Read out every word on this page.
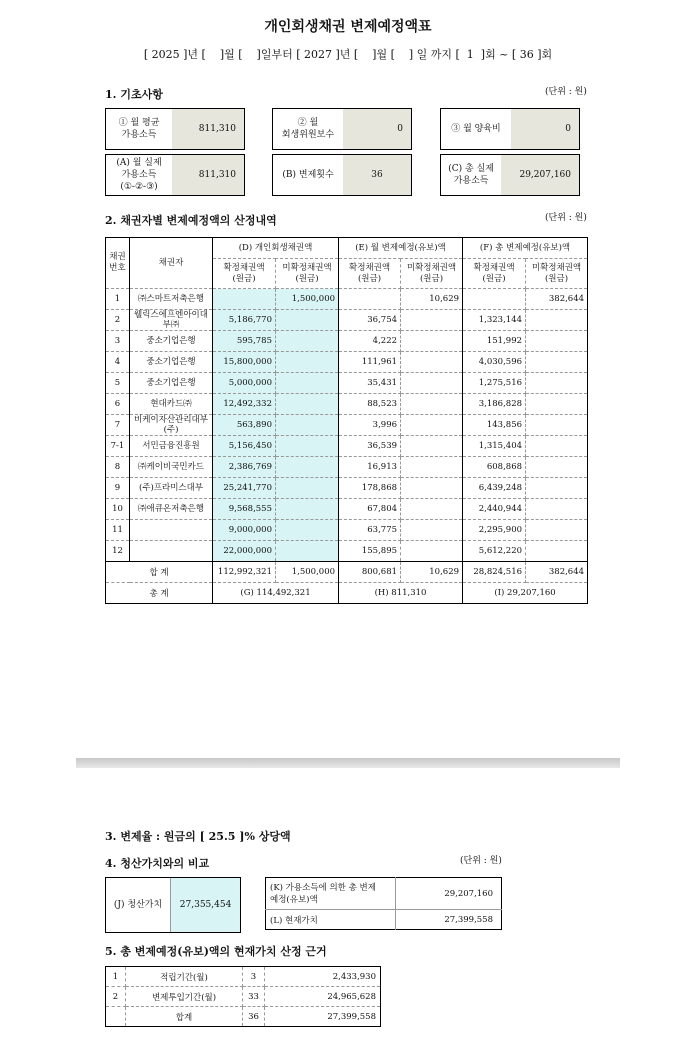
개인회생채권 변제예정액표
[ 2025 ]년 [    ]월 [    ]일부터 [ 2027 ]년 [    ]월 [    ] 일 까지 [  1  ]회 ~ [ 36 ]회
1. 기초사항	(단위 : 원)
① 월 평균
가용소득
811,310
② 월
회생위원보수
0	③ 월 양육비	0
(A) 월 실제
가용소득
(①-②-③)
811,310	(B) 변제횟수	36
(C) 총 실제
가용소득
29,207,160
2. 채권자별 변제예정액의 산정내역	(단위 : 원)
채권
번호	채권자	(D) 개인회생채권액		(E) 월 변제예정(유보)액		(F) 총 변제예정(유보)액	
		확정채권액
(원금)	미확정채권액
(원금)	확정채권액
(원금)	미확정채권액
(원금)	확정채권액
(원금)	미확정채권액
(원금)
1	㈜스마트저축은행		1,500,000		10,629		382,644
2	웰릭스에프엔아이대부㈜	5,186,770		36,754		1,323,144	
3	중소기업은행	595,785		4,222		151,992	
4	중소기업은행	15,800,000		111,961		4,030,596	
5	중소기업은행	5,000,000		35,431		1,275,516	
6	현대카드㈜	12,492,332		88,523		3,186,828	
7	비케이자산관리대부(주)	563,890		3,996		143,856	
7-1	서민금융진흥원	5,156,450		36,539		1,315,404	
8	㈜케이비국민카드	2,386,769		16,913		608,868	
9	(주)프라미스대부	25,241,770		178,868		6,439,248	
10	㈜애큐온저축은행	9,568,555		67,804		2,440,944	
11		9,000,000		63,775		2,295,900	
12		22,000,000		155,895		5,612,220	
합 계		112,992,321	1,500,000	800,681	10,629	28,824,516	382,644
총 계		(G) 114,492,321		(H) 811,310		(I) 29,207,160	
3. 변제율 : 원금의 [ 25.5 ]% 상당액
4. 청산가치와의 비교	(단위 : 원)
(J) 청산가치	27,355,454
(K) 가용소득에 의한 총 변제
예정(유보)액	29,207,160
(L) 현재가치	27,399,558
5. 총 변제예정(유보)액의 현재가치 산정 근거
1	적립기간(월)	3	2,433,930
2	변제투입기간(월)	33	24,965,628
	합계	36	27,399,558
